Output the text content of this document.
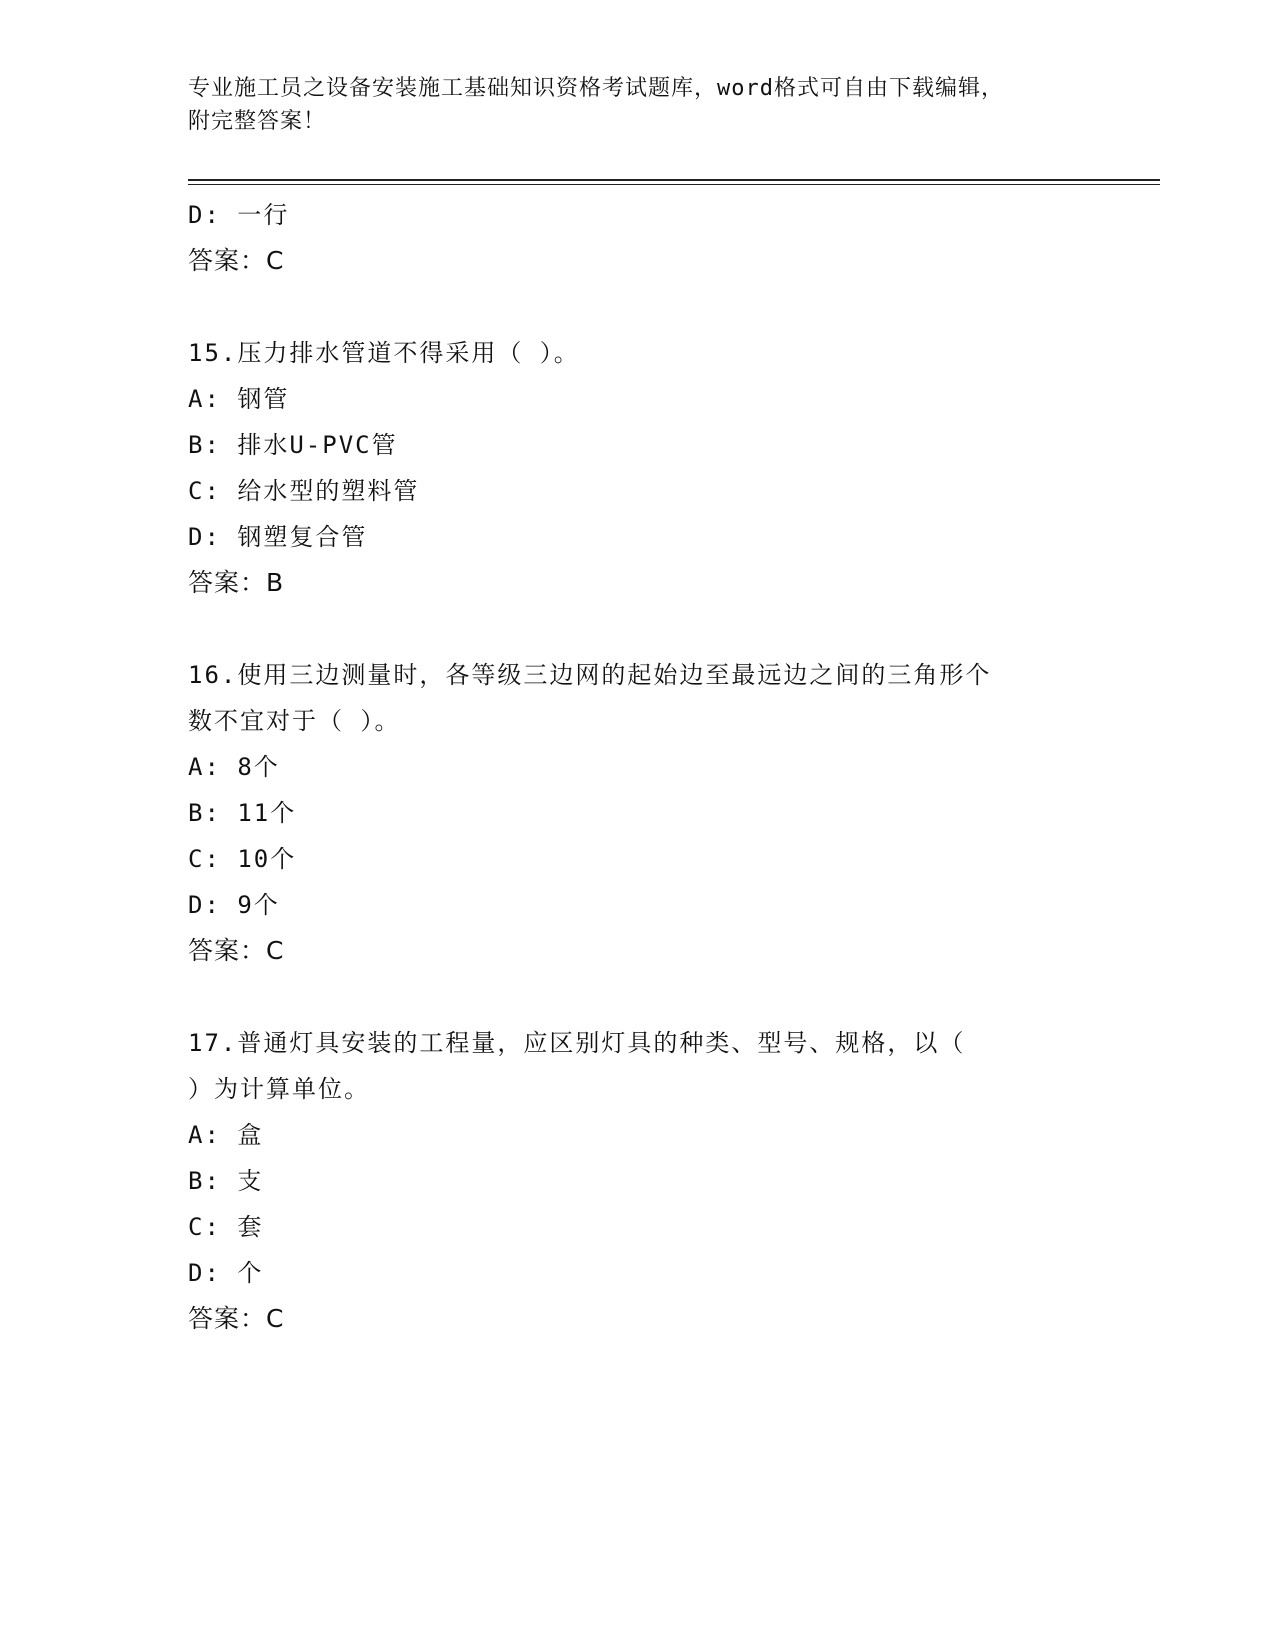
专业施工员之设备安装施工基础知识资格考试题库，word格式可自由下载编辑，
附完整答案！
D: 一行
答案：C
15.压力排水管道不得采用（ ）。
A: 钢管
B: 排水U-PVC管
C: 给水型的塑料管
D: 钢塑复合管
答案：B
16.使用三边测量时，各等级三边网的起始边至最远边之间的三角形个
数不宜对于（ ）。
A: 8个
B: 11个
C: 10个
D: 9个
答案：C
17.普通灯具安装的工程量，应区别灯具的种类、型号、规格，以（
）为计算单位。
A: 盒
B: 支
C: 套
D: 个
答案：C
